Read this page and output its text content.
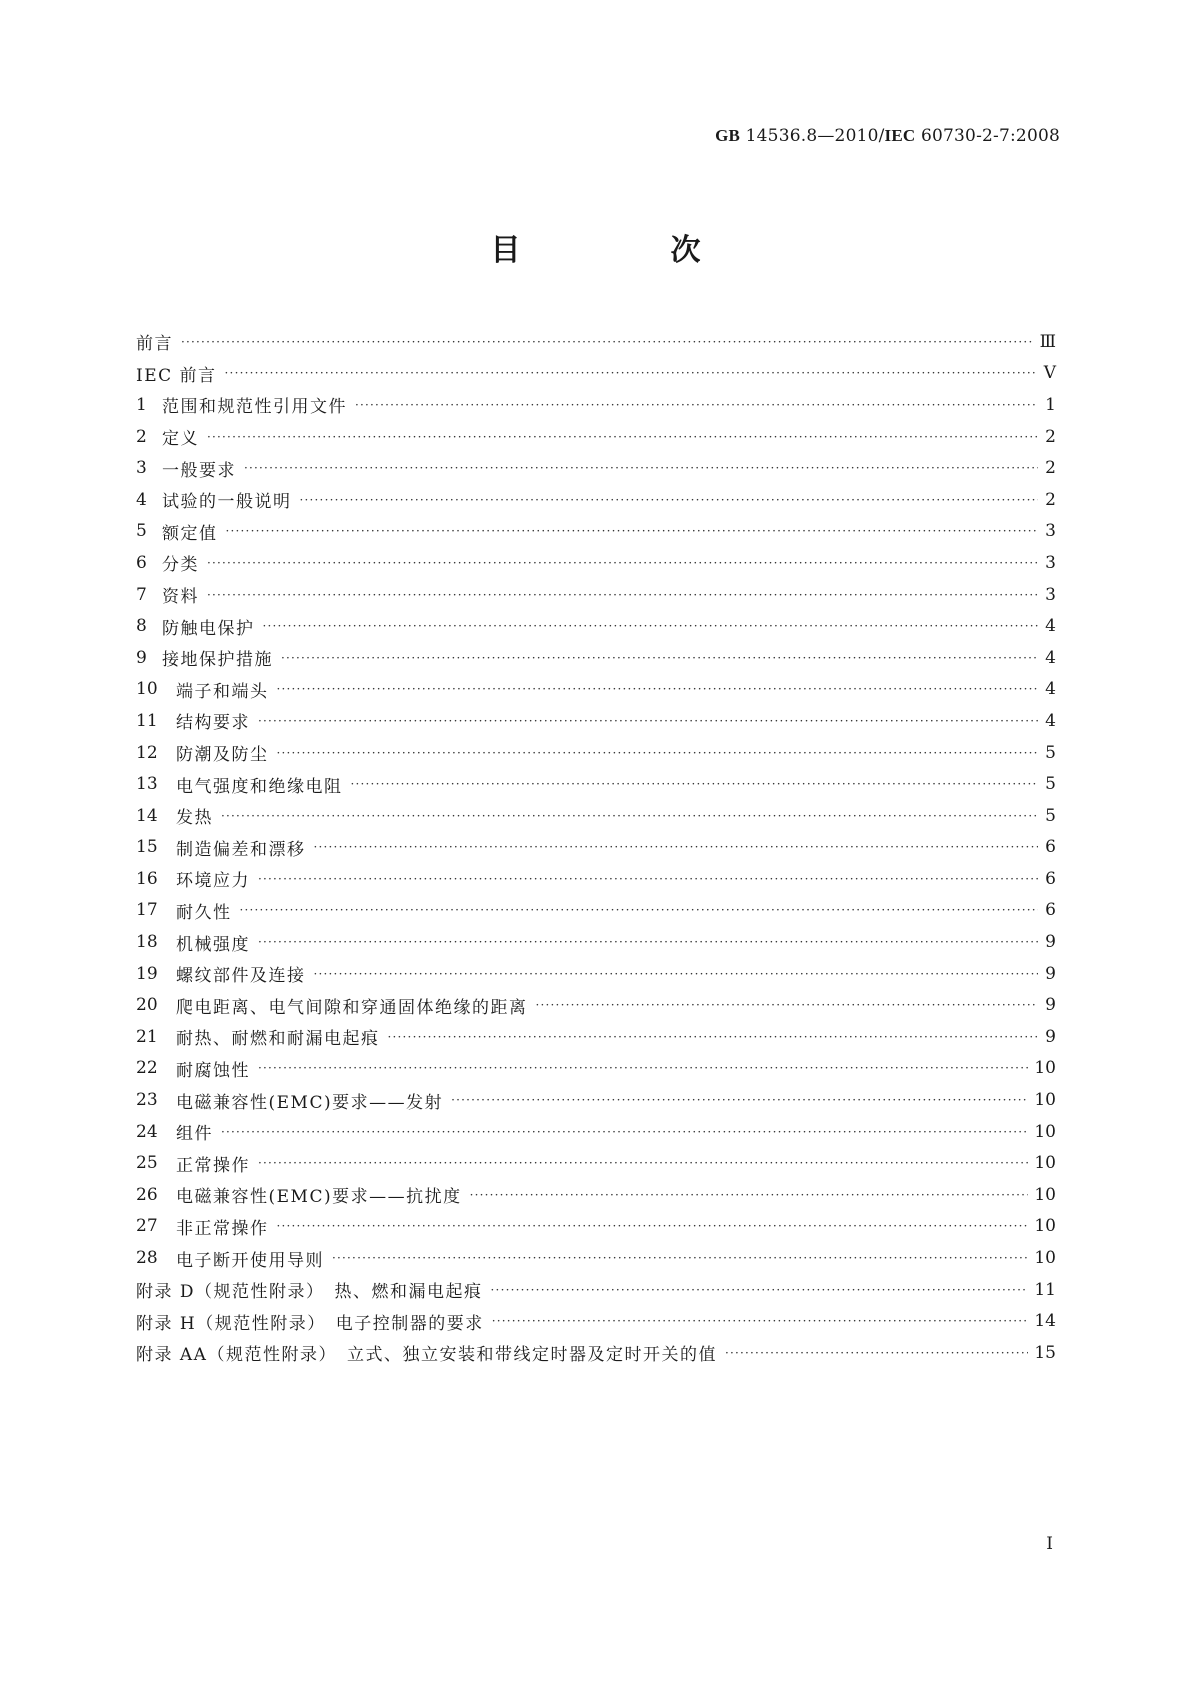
GB 14536.8—2010/IEC 60730-2-7:2008
目　次
前言 ·····	Ⅲ
IEC 前言 ·····	Ⅴ
1 范围和规范性引用文件 ·····	1
2 定义 ·····	2
3 一般要求 ·····	2
4 试验的一般说明 ·····	2
5 额定值 ·····	3
6 分类 ·····	3
7 资料 ·····	3
8 防触电保护 ·····	4
9 接地保护措施 ·····	4
10	端子和端头 ·····	4
11	结构要求 ·····	4
12	防潮及防尘 ·····	5
13	电气强度和绝缘电阻 ·····	5
14	发热 ·····	5
15	制造偏差和漂移 ·····	6
16	环境应力 ·····	6
17	耐久性 ·····	6
18	机械强度 ·····	9
19	螺纹部件及连接 ·····	9
20	爬电距离、电气间隙和穿通固体绝缘的距离 ·····	9
21	耐热、耐燃和耐漏电起痕 ·····	9
22	耐腐蚀性 ·····	10
23	电磁兼容性(EMC)要求——发射 ·····	10
24	组件 ·····	10
25	正常操作 ·····	10
26	电磁兼容性(EMC)要求——抗扰度 ·····	10
27	非正常操作 ·····	10
28	电子断开使用导则 ·····	10
附录 D（规范性附录）　热、燃和漏电起痕 ·····	11
附录 H（规范性附录）　电子控制器的要求 ·····	14
附录 AA（规范性附录）　立式、独立安装和带线定时器及定时开关的值 ·····	15
Ⅰ
